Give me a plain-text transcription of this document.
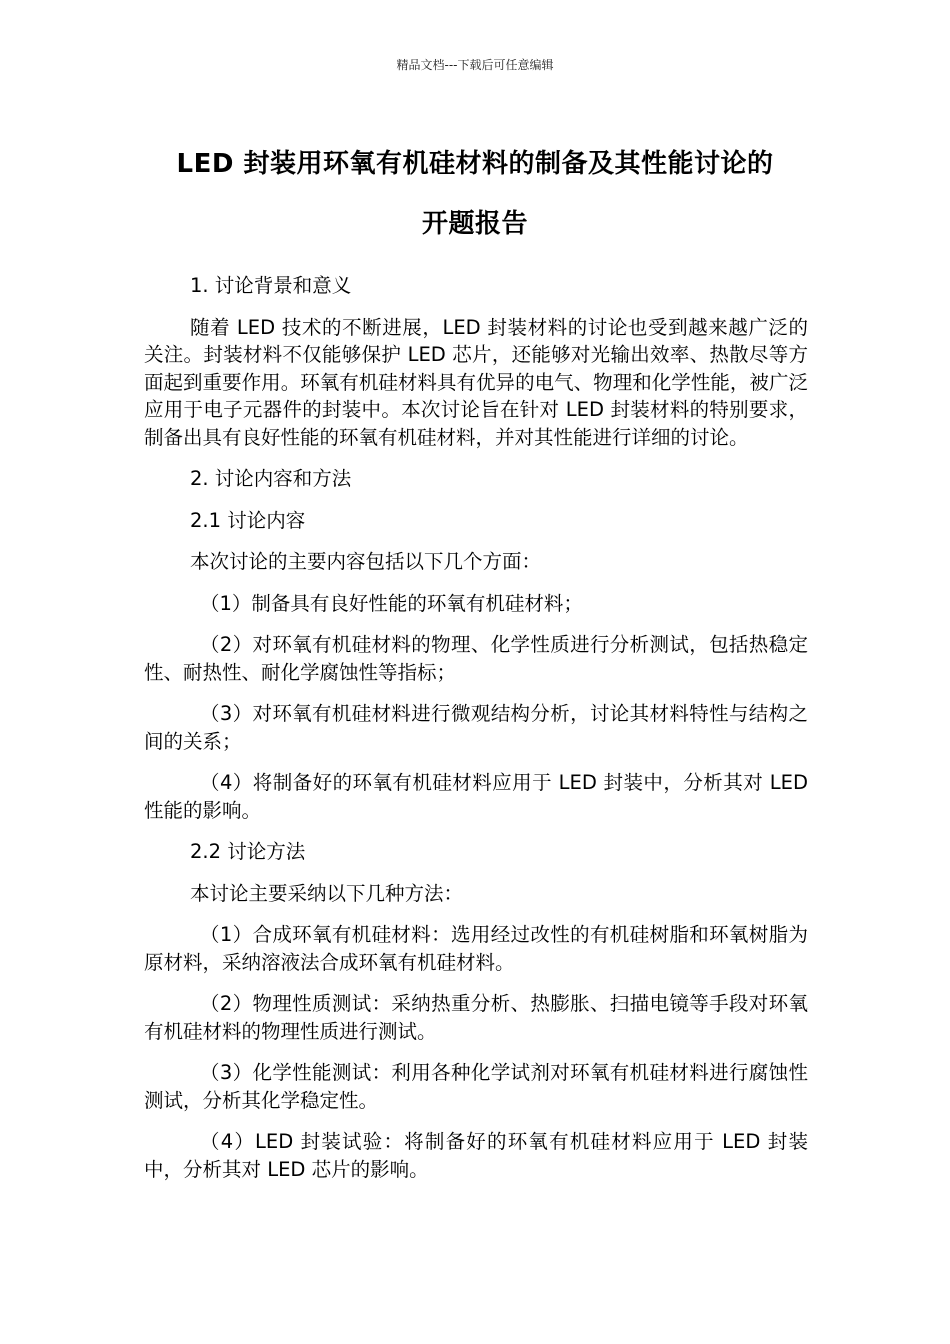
精品文档---下载后可任意编辑
LED 封装用环氧有机硅材料的制备及其性能讨论的
开题报告

1. 讨论背景和意义

随着 LED 技术的不断进展，LED 封装材料的讨论也受到越来越广泛的关注。封装材料不仅能够保护 LED 芯片，还能够对光输出效率、热散尽等方面起到重要作用。环氧有机硅材料具有优异的电气、物理和化学性能，被广泛应用于电子元器件的封装中。本次讨论旨在针对 LED 封装材料的特别要求，制备出具有良好性能的环氧有机硅材料，并对其性能进行详细的讨论。

2. 讨论内容和方法

2.1 讨论内容

本次讨论的主要内容包括以下几个方面：

（1）制备具有良好性能的环氧有机硅材料；

（2）对环氧有机硅材料的物理、化学性质进行分析测试，包括热稳定性、耐热性、耐化学腐蚀性等指标；

（3）对环氧有机硅材料进行微观结构分析，讨论其材料特性与结构之间的关系；

（4）将制备好的环氧有机硅材料应用于 LED 封装中，分析其对 LED 性能的影响。

2.2 讨论方法

本讨论主要采纳以下几种方法：

（1）合成环氧有机硅材料：选用经过改性的有机硅树脂和环氧树脂为原材料，采纳溶液法合成环氧有机硅材料。

（2）物理性质测试：采纳热重分析、热膨胀、扫描电镜等手段对环氧有机硅材料的物理性质进行测试。

（3）化学性能测试：利用各种化学试剂对环氧有机硅材料进行腐蚀性测试，分析其化学稳定性。

（4）LED 封装试验：将制备好的环氧有机硅材料应用于 LED 封装中，分析其对 LED 芯片的影响。
